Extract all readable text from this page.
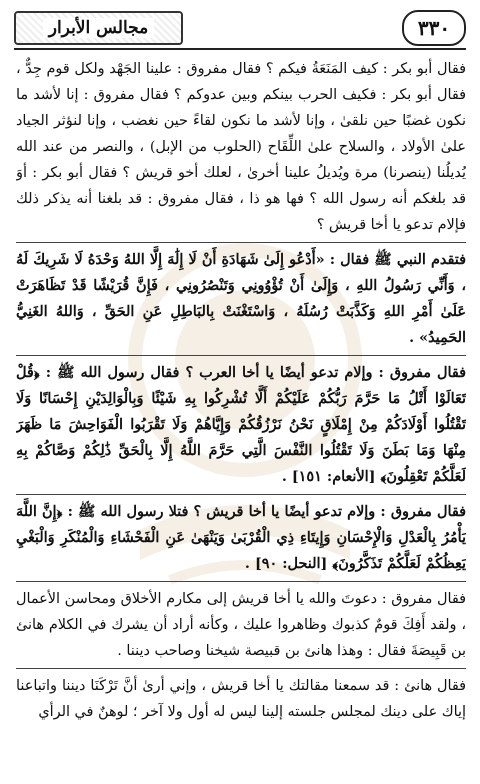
٣٣٠
مجالس الأبرار

فقال أبو بكر : كيف المَنَعَةُ فيكم ؟ فقال مفروق : علينا الجَهْد ولكل قوم جِدٌّ ، فقال أبو بكر : فكيف الحرب بينكم وبين عدوكم ؟ فقال مفروق : إنا لأشد ما نكون غضبًا حين نلقىٰ ، وإنا لأشد ما نكون لقاءً حين نغضب ، وإنا لنؤثر الجياد علىٰ الأولاد ، والسلاح علىٰ اللِّقَاح (الحلوب من الإبل) ، والنصر من عند الله يُديلُنا (ينصرنا) مرة ويُديلُ علينا أخرىٰ ، لعلك أخو قريش ؟ فقال أبو بكر : أوَ قد بلغكم أنه رسول الله ؟ فها هو ذا ، فقال مفروق : قد بلغنا أنه يذكر ذلك فإلام تدعو يا أخا قريش ؟

فتقدم النبي ﷺ فقال : «أَدْعُو إِلَىٰ شَهَادَةِ أَنْ لَا إِلَٰهَ إِلَّا اللهُ وَحْدَهُ لَا شَرِيكَ لَهُ ، وَأَنِّي رَسُولُ اللهِ ، وَإِلَىٰ أَنْ تُؤْوُونِي وَتَنْصُرُونِي ، فَإِنَّ قُرَيْشًا قَدْ تَظَاهَرَتْ عَلَىٰ أَمْرِ اللهِ وَكَذَّبَتْ رُسُلَهُ ، وَاسْتَغْنَتْ بِالبَاطِلِ عَنِ الحَقِّ ، وَاللهُ الغَنِيُّ الحَمِيدُ» .

فقال مفروق : وإلام تدعو أيضًا يا أخا العرب ؟ فقال رسول الله ﷺ : ﴿قُلْ تَعَالَوْا أَتْلُ مَا حَرَّمَ رَبُّكُمْ عَلَيْكُمْ أَلَّا تُشْرِكُوا بِهِ شَيْئًا وَبِالْوَالِدَيْنِ إِحْسَانًا وَلَا تَقْتُلُوا أَوْلَادَكُمْ مِنْ إِمْلَاقٍ نَحْنُ نَرْزُقُكُمْ وَإِيَّاهُمْ وَلَا تَقْرَبُوا الْفَوَاحِشَ مَا ظَهَرَ مِنْهَا وَمَا بَطَنَ وَلَا تَقْتُلُوا النَّفْسَ الَّتِي حَرَّمَ اللَّهُ إِلَّا بِالْحَقِّ ذَٰلِكُمْ وَصَّاكُمْ بِهِ لَعَلَّكُمْ تَعْقِلُونَ﴾ [الأنعام: ١٥١] .

فقال مفروق : وإلام تدعو أيضًا يا أخا قريش ؟ فتلا رسول الله ﷺ : ﴿إِنَّ اللَّهَ يَأْمُرُ بِالْعَدْلِ وَالْإِحْسَانِ وَإِيتَاءِ ذِي الْقُرْبَىٰ وَيَنْهَىٰ عَنِ الْفَحْشَاءِ وَالْمُنْكَرِ وَالْبَغْيِ يَعِظُكُمْ لَعَلَّكُمْ تَذَكَّرُونَ﴾ [النحل: ٩٠] .

فقال مفروق : دعوتَ والله يا أخا قريش إلى مكارم الأخلاق ومحاسن الأعمال ، ولقد أَفِكَ قومٌ كذبوك وظاهروا عليك ، وكأنه أراد أن يشرك في الكلام هانئ بن قَبِيصَةَ فقال : وهذا هانئ بن قبيصة شيخنا وصاحب ديننا .

فقال هانئ : قد سمعنا مقالتك يا أخا قريش ، وإني أرىٰ أنَّ تَرْكَنَا ديننا واتباعنا إياك على دينك لمجلس جلسته إلينا ليس له أول ولا آخر ؛ لوهنٌ في الرأي
